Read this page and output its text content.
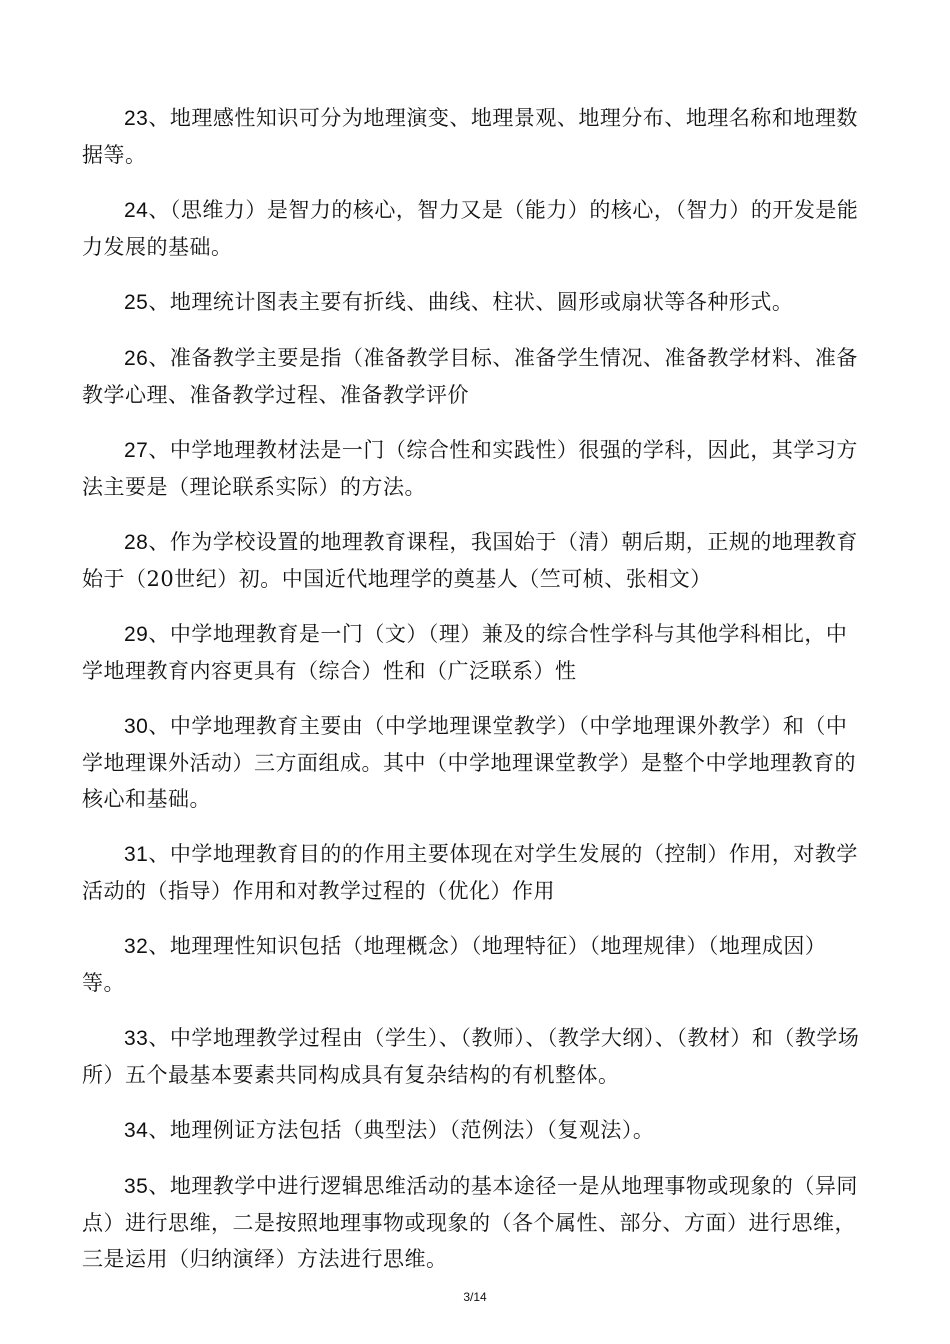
23、地理感性知识可分为地理演变、地理景观、地理分布、地理名称和地理数据等。

24、（思维力）是智力的核心，智力又是（能力）的核心，（智力）的开发是能力发展的基础。

25、地理统计图表主要有折线、曲线、柱状、圆形或扇状等各种形式。

26、准备教学主要是指（准备教学目标、准备学生情况、准备教学材料、准备教学心理、准备教学过程、准备教学评价

27、中学地理教材法是一门（综合性和实践性）很强的学科，因此，其学习方法主要是（理论联系实际）的方法。

28、作为学校设置的地理教育课程，我国始于（清）朝后期，正规的地理教育始于（20世纪）初。中国近代地理学的奠基人（竺可桢、张相文）

29、中学地理教育是一门（文）（理）兼及的综合性学科与其他学科相比，中学地理教育内容更具有（综合）性和（广泛联系）性

30、中学地理教育主要由（中学地理课堂教学）（中学地理课外教学）和（中学地理课外活动）三方面组成。其中（中学地理课堂教学）是整个中学地理教育的核心和基础。

31、中学地理教育目的的作用主要体现在对学生发展的（控制）作用，对教学活动的（指导）作用和对教学过程的（优化）作用

32、地理理性知识包括（地理概念）（地理特征）（地理规律）（地理成因）等。

33、中学地理教学过程由（学生）、（教师）、（教学大纲）、（教材）和（教学场所）五个最基本要素共同构成具有复杂结构的有机整体。

34、地理例证方法包括（典型法）（范例法）（复观法）。

35、地理教学中进行逻辑思维活动的基本途径一是从地理事物或现象的（异同点）进行思维，二是按照地理事物或现象的（各个属性、部分、方面）进行思维，三是运用（归纳演绎）方法进行思维。

3/14
